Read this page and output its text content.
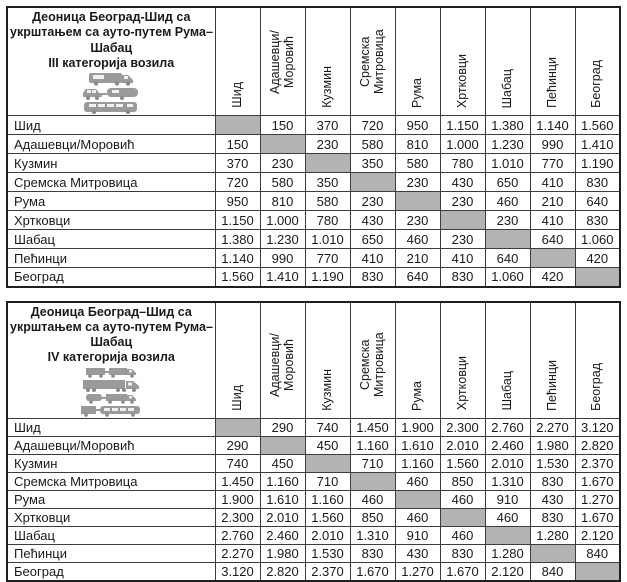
Деоница Београд-Шид са
укрштањем са ауто-путем Рума–
Шабац
III категорија возила	Шид	Адашевци/Моровић	Кузмин	Сремска Митровица	Рума	Хртковци	Шабац	Пећинци	Београд

Шид		150	370	720	950	1.150	1.380	1.140	1.560
Адашевци/Моровић	150		230	580	810	1.000	1.230	990	1.410
Кузмин	370	230		350	580	780	1.010	770	1.190
Сремска Митровица	720	580	350		230	430	650	410	830
Рума	950	810	580	230		230	460	210	640
Хртковци	1.150	1.000	780	430	230		230	410	830
Шабац	1.380	1.230	1.010	650	460	230		640	1.060
Пећинци	1.140	990	770	410	210	410	640		420
Београд	1.560	1.410	1.190	830	640	830	1.060	420	
Деоница Београд–Шид са
укрштањем са ауто-путем Рума–
Шабац
IV категорија возила	Шид	Адашевци/Моровић	Кузмин	Сремска Митровица	Рума	Хртковци	Шабац	Пећинци	Београд

Шид		290	740	1.450	1.900	2.300	2.760	2.270	3.120
Адашевци/Моровић	290		450	1.160	1.610	2.010	2.460	1.980	2.820
Кузмин	740	450		710	1.160	1.560	2.010	1.530	2.370
Сремска Митровица	1.450	1.160	710		460	850	1.310	830	1.670
Рума	1.900	1.610	1.160	460		460	910	430	1.270
Хртковци	2.300	2.010	1.560	850	460		460	830	1.670
Шабац	2.760	2.460	2.010	1.310	910	460		1.280	2.120
Пећинци	2.270	1.980	1.530	830	430	830	1.280		840
Београд	3.120	2.820	2.370	1.670	1.270	1.670	2.120	840	
